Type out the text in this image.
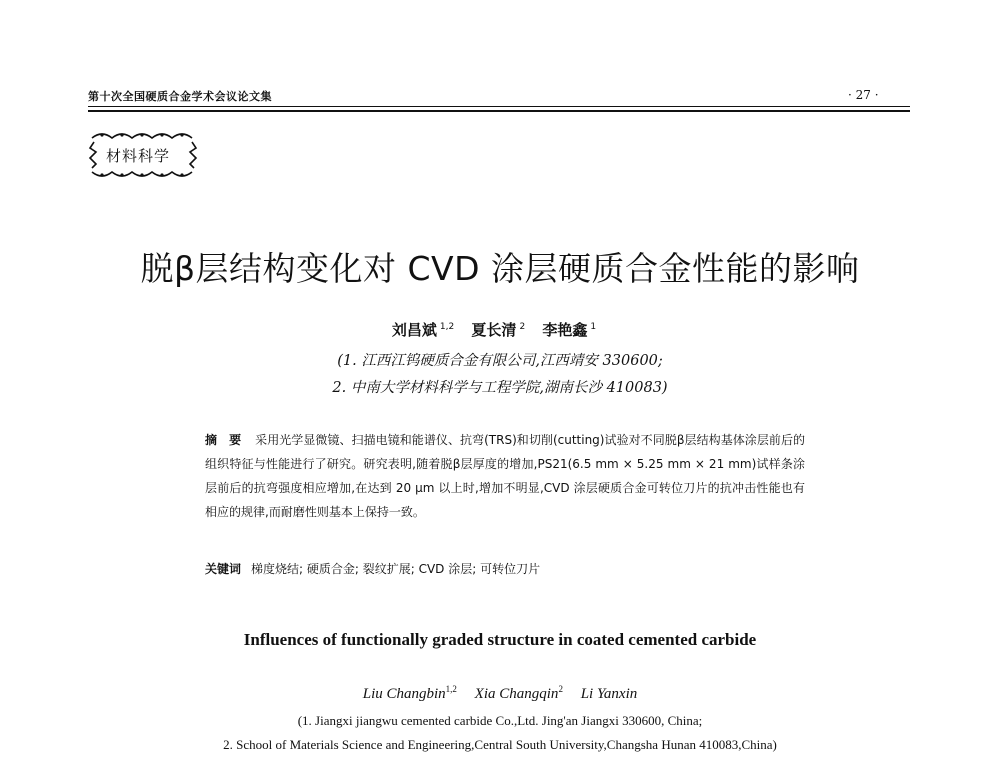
第十次全国硬质合金学术会议论文集	· 27 ·
材料科学
脱β层结构变化对 CVD 涂层硬质合金性能的影响
刘昌斌 $^{1,2}$ 夏长清 $^2$ 李艳鑫 $^1$
(1. 江西江钨硬质合金有限公司,江西靖安 330600;
2. 中南大学材料科学与工程学院,湖南长沙 410083)
摘　要 采用光学显微镜、扫描电镜和能谱仪、抗弯(TRS)和切削(cutting)试验对不同脱β层结构基体涂层前后的组织特征与性能进行了研究。研究表明,随着脱β层厚度的增加,PS21(6.5 mm × 5.25 mm × 21 mm)试样条涂层前后的抗弯强度相应增加,在达到 20 μm 以上时,增加不明显,CVD 涂层硬质合金可转位刀片的抗冲击性能也有相应的规律,而耐磨性则基本上保持一致。
关键词 梯度烧结; 硬质合金; 裂纹扩展; CVD 涂层; 可转位刀片
Influences of functionally graded structure in coated cemented carbide
Liu Changbin$^{1,2}$ Xia Changqin$^2$ Li Yanxin
(1. Jiangxi jiangwu cemented carbide Co.,Ltd. Jing'an Jiangxi 330600, China;
2. School of Materials Science and Engineering,Central South University,Changsha Hunan 410083,China)
